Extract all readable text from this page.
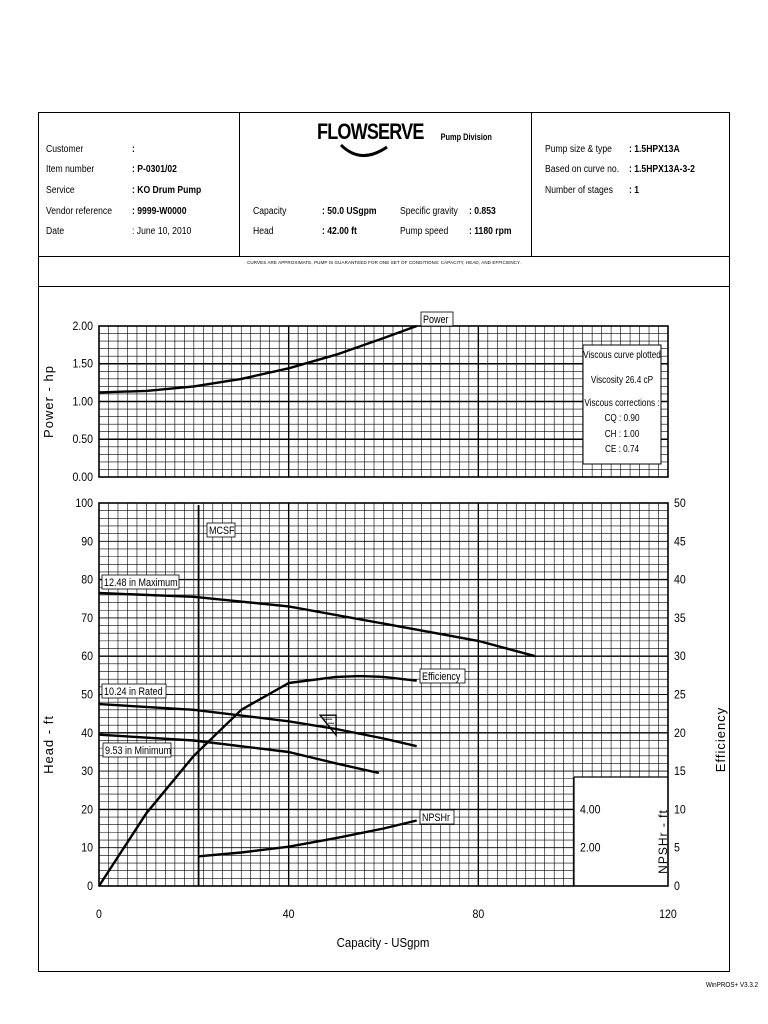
Customer	:
Item number	: P-0301/02
Service	: KO Drum Pump
Vendor reference : 9999-W0000
Date	: June 10, 2010
FLOWSERVE Pump Division
Capacity	: 50.0 USgpm Specific gravity : 0.853
Head	: 42.00 ft	Pump speed : 1180 rpm
Pump size & type : 1.5HPX13A
Based on curve no. : 1.5HPX13A-3-2
Number of stages : 1
CURVES ARE APPROXIMATE, PUMP IS GUARANTEED FOR ONE SET OF CONDITIONS: CAPACITY, HEAD, AND EFFICIENCY.
0.00
0.50
1.00
1.50
2.00
Power - hp
0
10
20
30
40
50
60
70
80
90
100
0
5
10
15
20
25
30
35
40
45
50
2.00
4.00
Head - ft	Efficiency
NPSHr - ft
0	40	80	120
Capacity - USgpm
Power
MCSF
12.48 in Maximum
10.24 in Rated
9.53 in Minimum
Efficiency
NPSHr
Viscous curve plotted
Viscosity 26.4 cP
Viscous corrections :
CQ : 0.90
CH : 1.00
CE : 0.74
WinPROS+ V3.3.2
